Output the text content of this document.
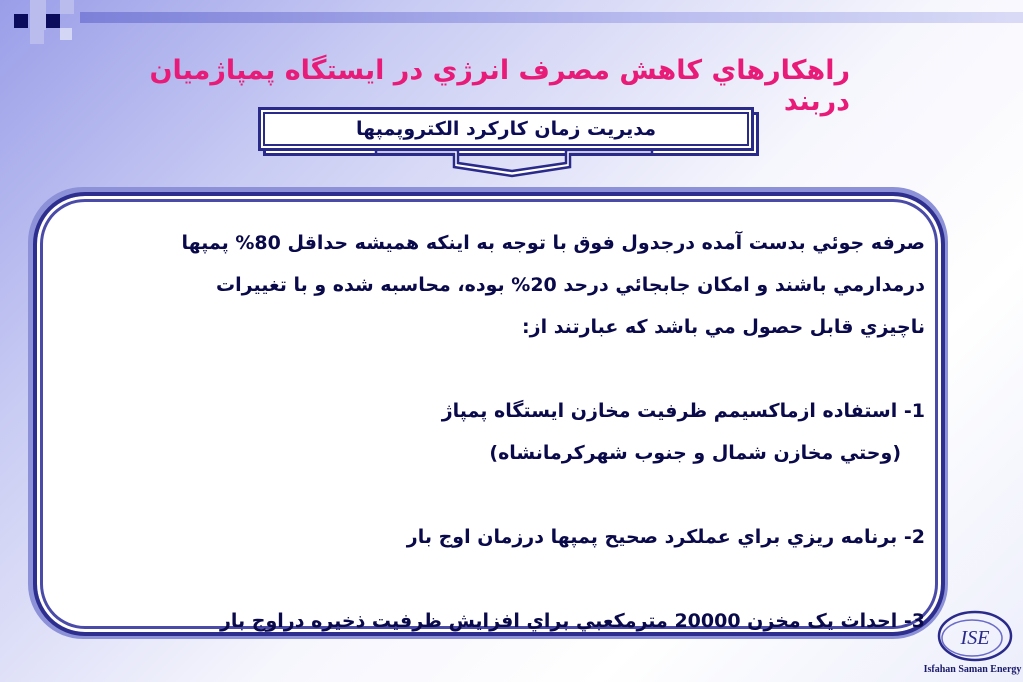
راهكارهاي كاهش مصرف انرژي در ايستگاه پمپاژميان دربند
مديريت زمان كاركرد الكتروپمپها
صرفه جوئي بدست آمده درجدول فوق با توجه به اينكه هميشه حداقل 80% پمپها
درمدارمي باشند و امكان جابجائي درحد 20% بوده، محاسبه شده و با تغييرات
ناچيزي قابل حصول مي باشد كه عبارتند از:
1- استفاده ازماكسيمم ظرفيت مخازن ايستگاه پمپاژ
(وحتي مخازن شمال و جنوب شهركرمانشاه)
2- برنامه ريزي براي عملكرد صحيح پمپها درزمان اوج بار
3- احداث يک مخزن 20000 مترمكعبي براي افزايش ظرفيت ذخيره دراوج بار
ISE
Isfahan Saman Energy
